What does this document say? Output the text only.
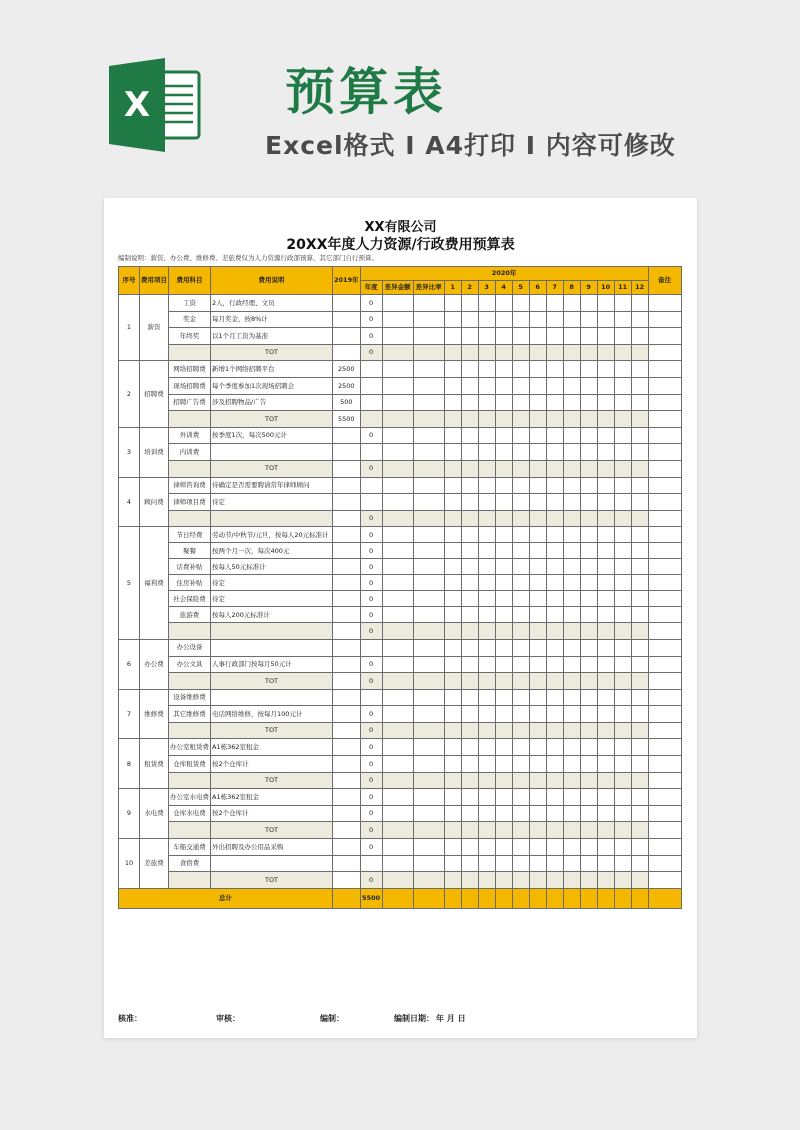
X	预算表
Excel格式 I A4打印 I 内容可修改
XX有限公司
20XX年度人力资源/行政费用预算表
编制说明：薪资、办公费、维修费、差旅费仅为人力资源行政部预算，其它部门自行预算。
序号	费用项目	费用科目	费用说明	2019年	2020年															备注
					年度	差异金额	差异比率	1	2	3	4	5	6	7	8	9	10	11	12	
1	薪资	工资	2人，行政经理、文员		0															
		奖金	每月奖金，按8%计		0															
		年终奖	以1个月工资为基准		0															
			TOT		0															
2	招聘费	网络招聘费	新增1个网络招聘平台	2500																
		现场招聘费	每个季度参加1次现场招聘会	2500																
		招聘广告费	涉及招聘物品/广告	500																
			TOT	5500																
3	培训费	外训费	按季度1次，每次500元计		0															
		内训费																		
			TOT		0															
4	顾问费	律师咨询费	待确定是否需要聘请常年律师顾问																	
		律师项目费	待定																	
					0															
5	福利费	节日经费	劳动节/中秋节/元旦，按每人20元标准计		0															
		聚餐	按两个月一次，每次400元		0															
		话费补贴	按每人50元标准计		0															
		住房补贴	待定		0															
		社会保险费	待定		0															
		旅游费	按每人200元标准计		0															
					0															
6	办公费	办公设备																		
		办公文具	人事行政部门按每月50元计		0															
			TOT		0															
7	维修费	设备维修费																		
		其它维修费	电话网络维修，按每月100元计		0															
			TOT		0															
8	租赁费	办公室租赁费	A1栋362室租金		0															
		仓库租赁费	按2个仓库计		0															
			TOT		0															
9	水电费	办公室水电费	A1栋362室租金		0															
		仓库水电费	按2个仓库计		0															
			TOT		0															
10	差旅费	车船交通费	外出招聘及办公用品采购		0															
		食宿费																		
			TOT		0															
总计					5500															
核准：	审核：	编制：	编制日期： 年 月 日
